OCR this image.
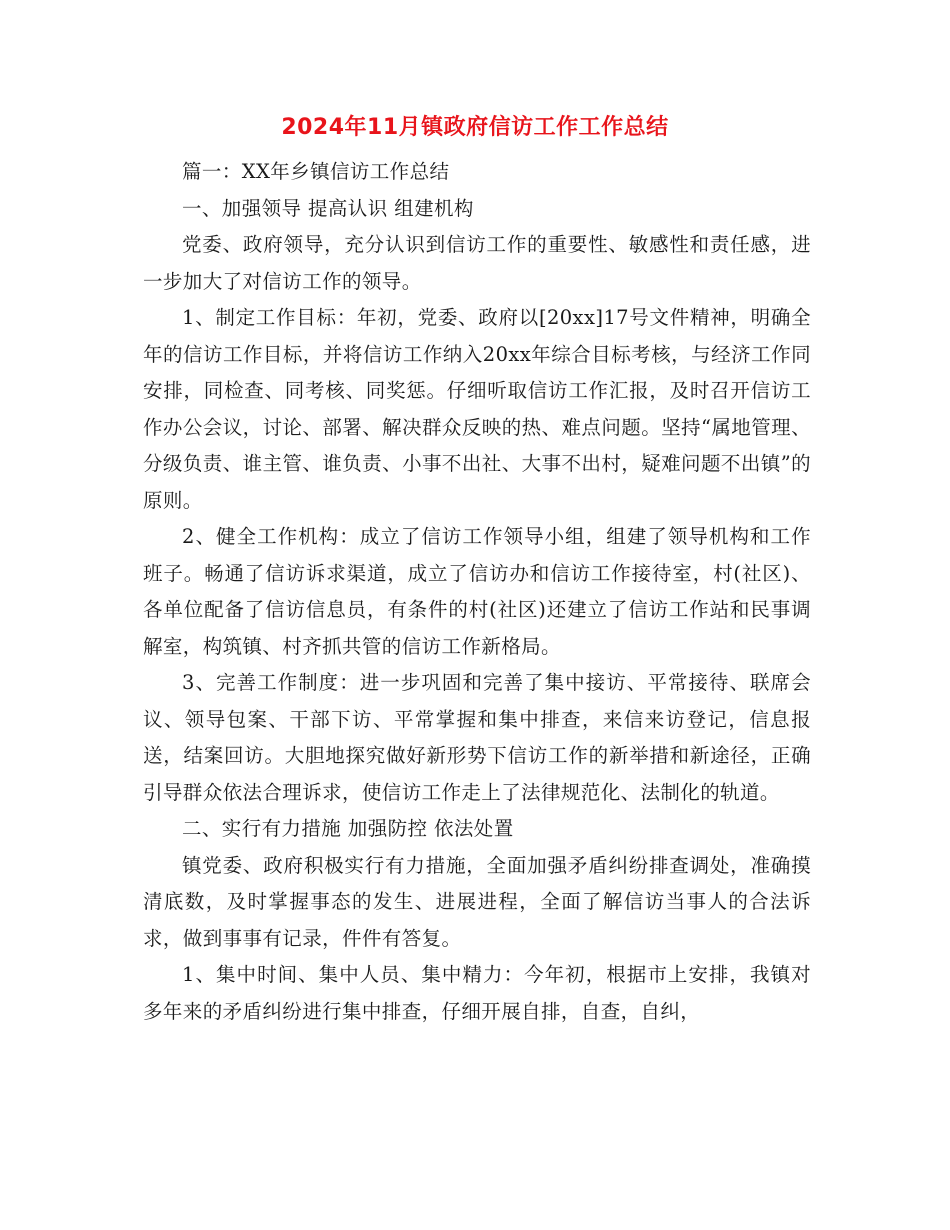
2024年11月镇政府信访工作工作总结

篇一：XX年乡镇信访工作总结

一、加强领导 提高认识 组建机构

党委、政府领导，充分认识到信访工作的重要性、敏感性和责任感，进一步加大了对信访工作的领导。

1、制定工作目标：年初，党委、政府以[20xx]17号文件精神，明确全年的信访工作目标，并将信访工作纳入20xx年综合目标考核，与经济工作同安排，同检查、同考核、同奖惩。仔细听取信访工作汇报，及时召开信访工作办公会议，讨论、部署、解决群众反映的热、难点问题。坚持“属地管理、分级负责、谁主管、谁负责、小事不出社、大事不出村，疑难问题不出镇”的原则。

2、健全工作机构：成立了信访工作领导小组，组建了领导机构和工作班子。畅通了信访诉求渠道，成立了信访办和信访工作接待室，村(社区)、各单位配备了信访信息员，有条件的村(社区)还建立了信访工作站和民事调解室，构筑镇、村齐抓共管的信访工作新格局。

3、完善工作制度：进一步巩固和完善了集中接访、平常接待、联席会议、领导包案、干部下访、平常掌握和集中排查，来信来访登记，信息报送，结案回访。大胆地探究做好新形势下信访工作的新举措和新途径，正确引导群众依法合理诉求，使信访工作走上了法律规范化、法制化的轨道。

二、实行有力措施 加强防控 依法处置

镇党委、政府积极实行有力措施，全面加强矛盾纠纷排查调处，准确摸清底数，及时掌握事态的发生、进展进程，全面了解信访当事人的合法诉求，做到事事有记录，件件有答复。

1、集中时间、集中人员、集中精力：今年初，根据市上安排，我镇对多年来的矛盾纠纷进行集中排查，仔细开展自排，自查，自纠，
